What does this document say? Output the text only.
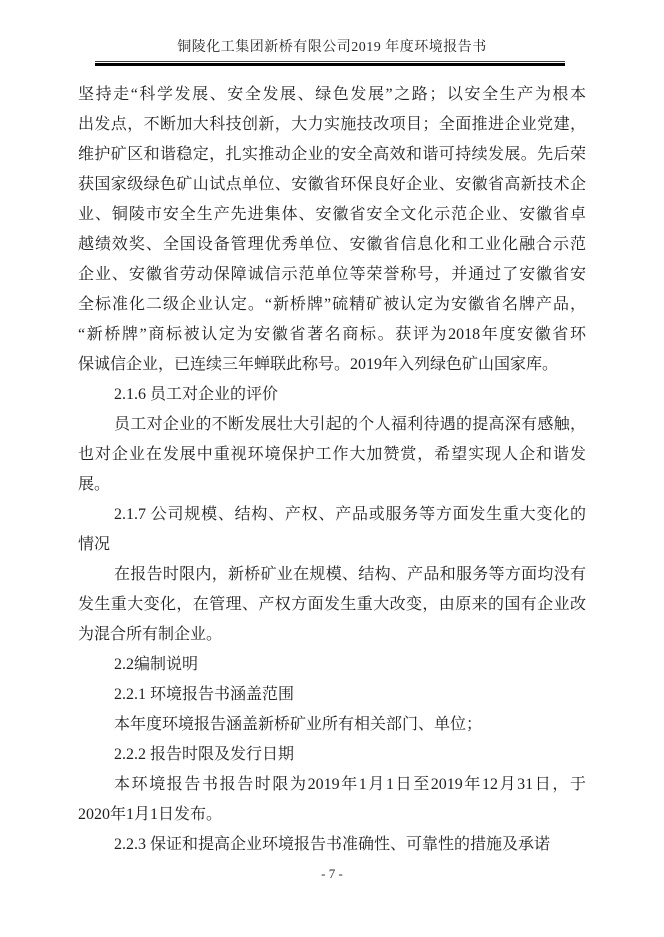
铜陵化工集团新桥有限公司2019 年度环境报告书
坚持走“科学发展、安全发展、绿色发展”之路；以安全生产为根本
出发点，不断加大科技创新，大力实施技改项目；全面推进企业党建，
维护矿区和谐稳定，扎实推动企业的安全高效和谐可持续发展。先后荣
获国家级绿色矿山试点单位、安徽省环保良好企业、安徽省高新技术企
业、铜陵市安全生产先进集体、安徽省安全文化示范企业、安徽省卓
越绩效奖、全国设备管理优秀单位、安徽省信息化和工业化融合示范
企业、安徽省劳动保障诚信示范单位等荣誉称号，并通过了安徽省安
全标准化二级企业认定。“新桥牌”硫精矿被认定为安徽省名牌产品，
“新桥牌”商标被认定为安徽省著名商标。获评为2018年度安徽省环
保诚信企业，已连续三年蝉联此称号。2019年入列绿色矿山国家库。
2.1.6 员工对企业的评价
员工对企业的不断发展壮大引起的个人福利待遇的提高深有感触，
也对企业在发展中重视环境保护工作大加赞赏，希望实现人企和谐发
展。
2.1.7 公司规模、结构、产权、产品或服务等方面发生重大变化的
情况
在报告时限内，新桥矿业在规模、结构、产品和服务等方面均没有
发生重大变化，在管理、产权方面发生重大改变，由原来的国有企业改
为混合所有制企业。
2.2编制说明
2.2.1 环境报告书涵盖范围
本年度环境报告涵盖新桥矿业所有相关部门、单位；
2.2.2 报告时限及发行日期
本环境报告书报告时限为2019年1月1日至2019年12月31日，于
2020年1月1日发布。
2.2.3 保证和提高企业环境报告书准确性、可靠性的措施及承诺
- 7 -
